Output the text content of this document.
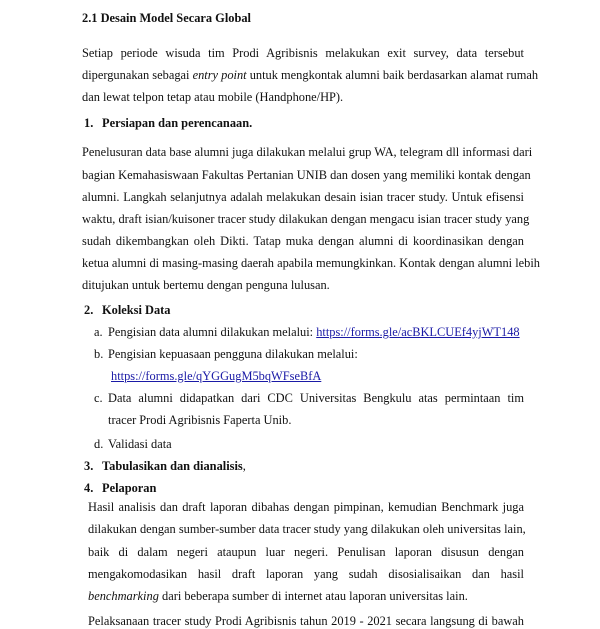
2.1 Desain Model Secara Global
Setiap periode wisuda tim Prodi Agribisnis melakukan exit survey, data tersebut
dipergunakan sebagai entry point untuk mengkontak alumni baik berdasarkan alamat rumah
dan lewat telpon tetap atau mobile (Handphone/HP).
1. Persiapan dan perencanaan.
Penelusuran data base alumni juga dilakukan melalui grup WA, telegram dll informasi dari
bagian Kemahasiswaan Fakultas Pertanian UNIB dan dosen yang memiliki kontak dengan
alumni. Langkah selanjutnya adalah melakukan desain isian tracer study. Untuk efisensi
waktu, draft isian/kuisoner tracer study dilakukan dengan mengacu isian tracer study yang
sudah dikembangkan oleh Dikti. Tatap muka dengan alumni di koordinasikan dengan
ketua alumni di masing-masing daerah apabila memungkinkan. Kontak dengan alumni lebih
ditujukan untuk bertemu dengan penguna lulusan.
2. Koleksi Data
a. Pengisian data alumni dilakukan melalui: https://forms.gle/acBKLCUEf4yjWT148
b. Pengisian kepuasaan pengguna dilakukan melalui:
https://forms.gle/qYGGugM5bqWFseBfA
c. Data alumni didapatkan dari CDC Universitas Bengkulu atas permintaan tim
tracer Prodi Agribisnis Faperta Unib.
d. Validasi data
3. Tabulasikan dan dianalisis,
4. Pelaporan
Hasil analisis dan draft laporan dibahas dengan pimpinan, kemudian Benchmark juga
dilakukan dengan sumber-sumber data tracer study yang dilakukan oleh universitas lain,
baik di dalam negeri ataupun luar negeri. Penulisan laporan disusun dengan
mengakomodasikan hasil draft laporan yang sudah disosialisaikan dan hasil
benchmarking dari beberapa sumber di internet atau laporan universitas lain.
Pelaksanaan tracer study Prodi Agribisnis tahun 2019 - 2021 secara langsung di bawah
